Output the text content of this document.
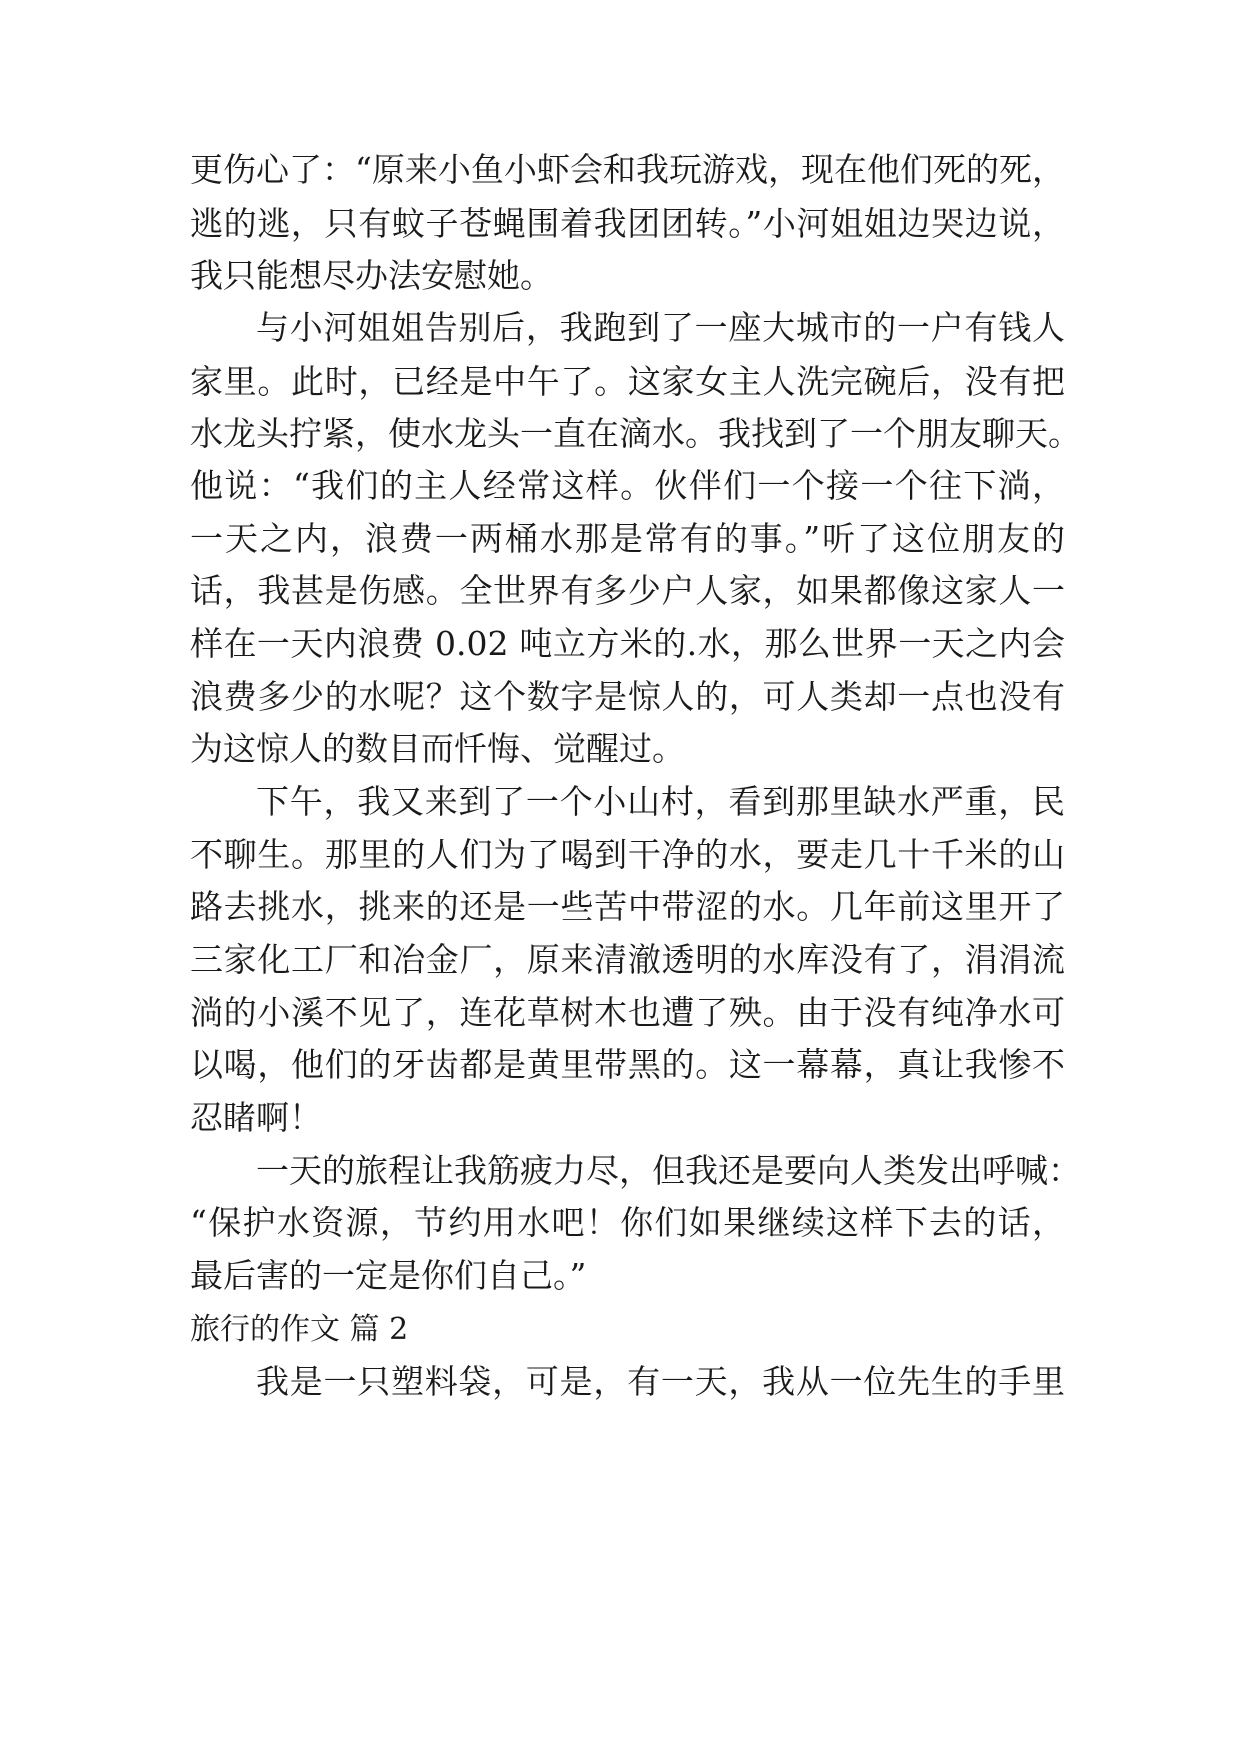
更伤心了：“原来小鱼小虾会和我玩游戏，现在他们死的死，
逃的逃，只有蚊子苍蝇围着我团团转。”小河姐姐边哭边说，
我只能想尽办法安慰她。
与小河姐姐告别后，我跑到了一座大城市的一户有钱人
家里。此时，已经是中午了。这家女主人洗完碗后，没有把
水龙头拧紧，使水龙头一直在滴水。我找到了一个朋友聊天。
他说：“我们的主人经常这样。伙伴们一个接一个往下淌，
一天之内，浪费一两桶水那是常有的事。”听了这位朋友的
话，我甚是伤感。全世界有多少户人家，如果都像这家人一
样在一天内浪费 0.02 吨立方米的.水，那么世界一天之内会
浪费多少的水呢？这个数字是惊人的，可人类却一点也没有
为这惊人的数目而忏悔、觉醒过。
下午，我又来到了一个小山村，看到那里缺水严重，民
不聊生。那里的人们为了喝到干净的水，要走几十千米的山
路去挑水，挑来的还是一些苦中带涩的水。几年前这里开了
三家化工厂和冶金厂，原来清澈透明的水库没有了，涓涓流
淌的小溪不见了，连花草树木也遭了殃。由于没有纯净水可
以喝，他们的牙齿都是黄里带黑的。这一幕幕，真让我惨不
忍睹啊！
一天的旅程让我筋疲力尽，但我还是要向人类发出呼喊：
“保护水资源，节约用水吧！你们如果继续这样下去的话，
最后害的一定是你们自己。”
旅行的作文 篇 2
我是一只塑料袋，可是，有一天，我从一位先生的手里
